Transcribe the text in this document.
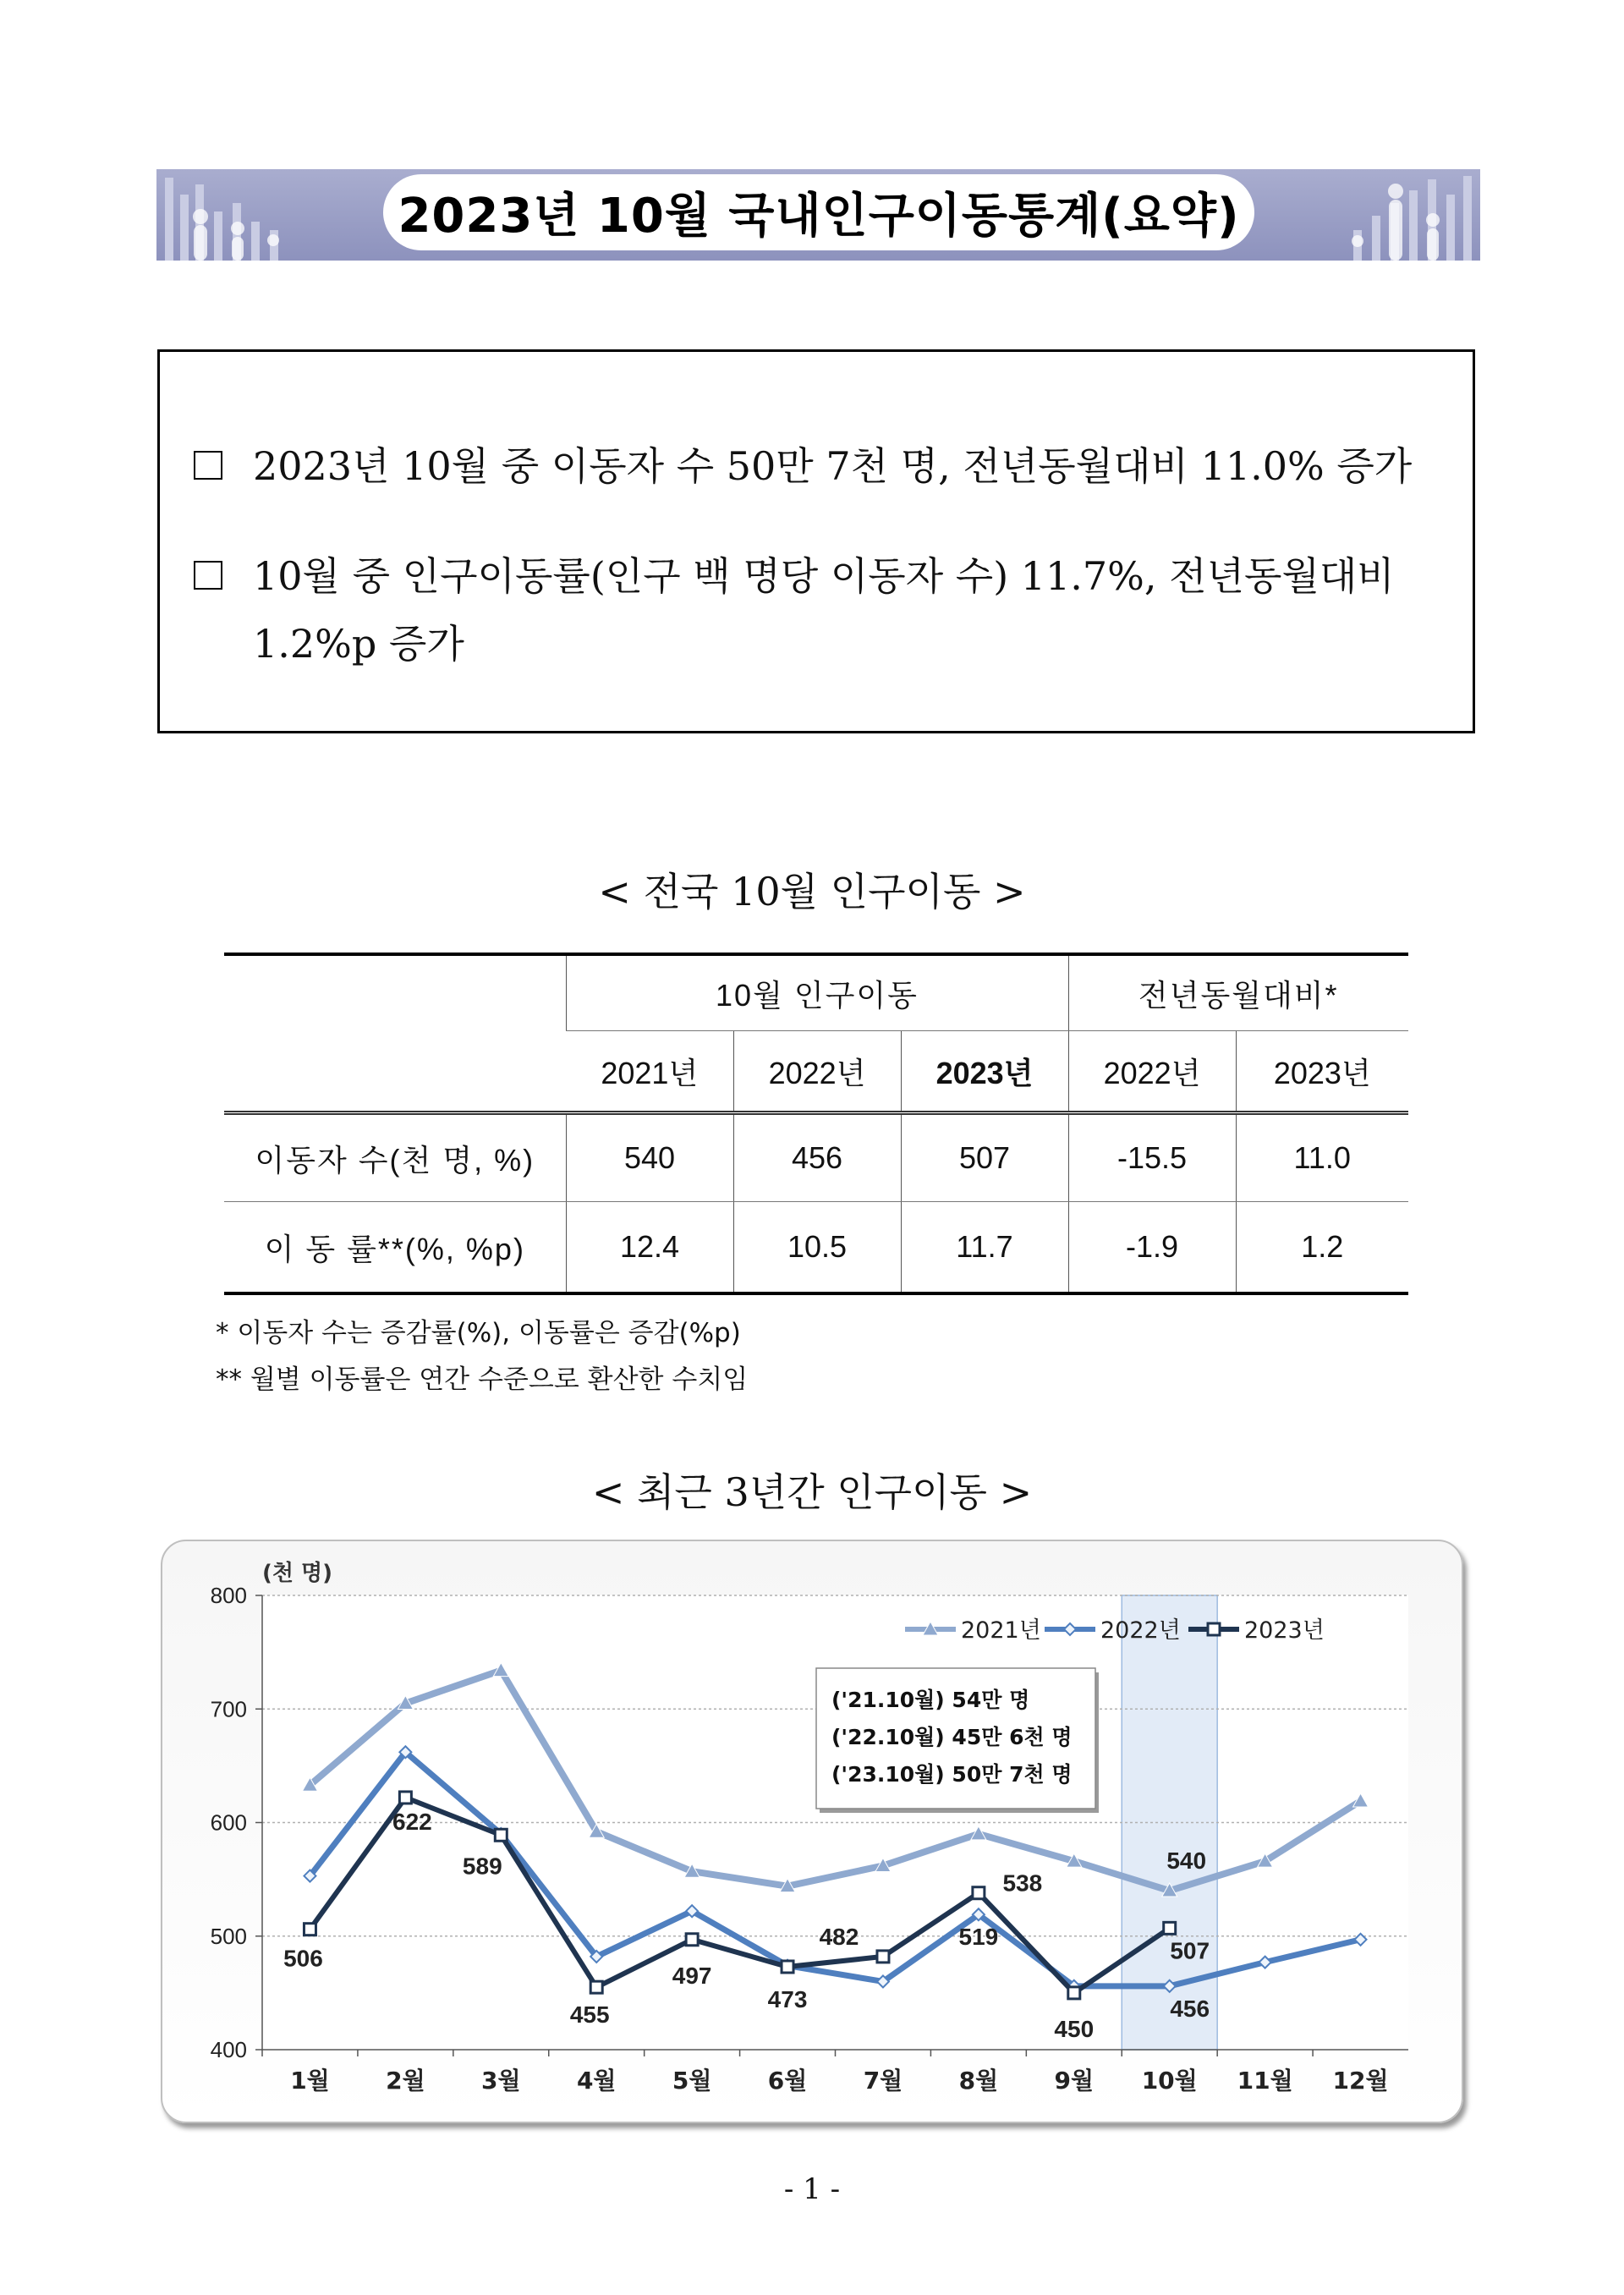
2023년 10월 국내인구이동통계(요약)
2023년 10월 중 이동자 수 50만 7천 명, 전년동월대비 11.0% 증가
10월 중 인구이동률(인구 백 명당 이동자 수) 11.7%, 전년동월대비 1.2%p 증가
< 전국 10월 인구이동 >
	10월 인구이동			전년동월대비*	
	2021년	2022년	2023년	2022년	2023년
이동자 수(천 명, %)	540	456	507	-15.5	11.0
이 동 률**(%, %p)	12.4	10.5	11.7	-1.9	1.2
* 이동자 수는 증감률(%), 이동률은 증감(%p)
** 월별 이동률은 연간 수준으로 환산한 수치임
< 최근 3년간 인구이동 >
400
500
600
700
800
(천 명)
1월 2월 3월 4월 5월 6월 7월 8월 9월 10월 11월 12월
506
622
589
455
497
473
482
538
519
450
540
507
456
2021년	2022년	2023년
('21.10월) 54만 명
('22.10월) 45만 6천 명
('23.10월) 50만 7천 명
- 1 -
